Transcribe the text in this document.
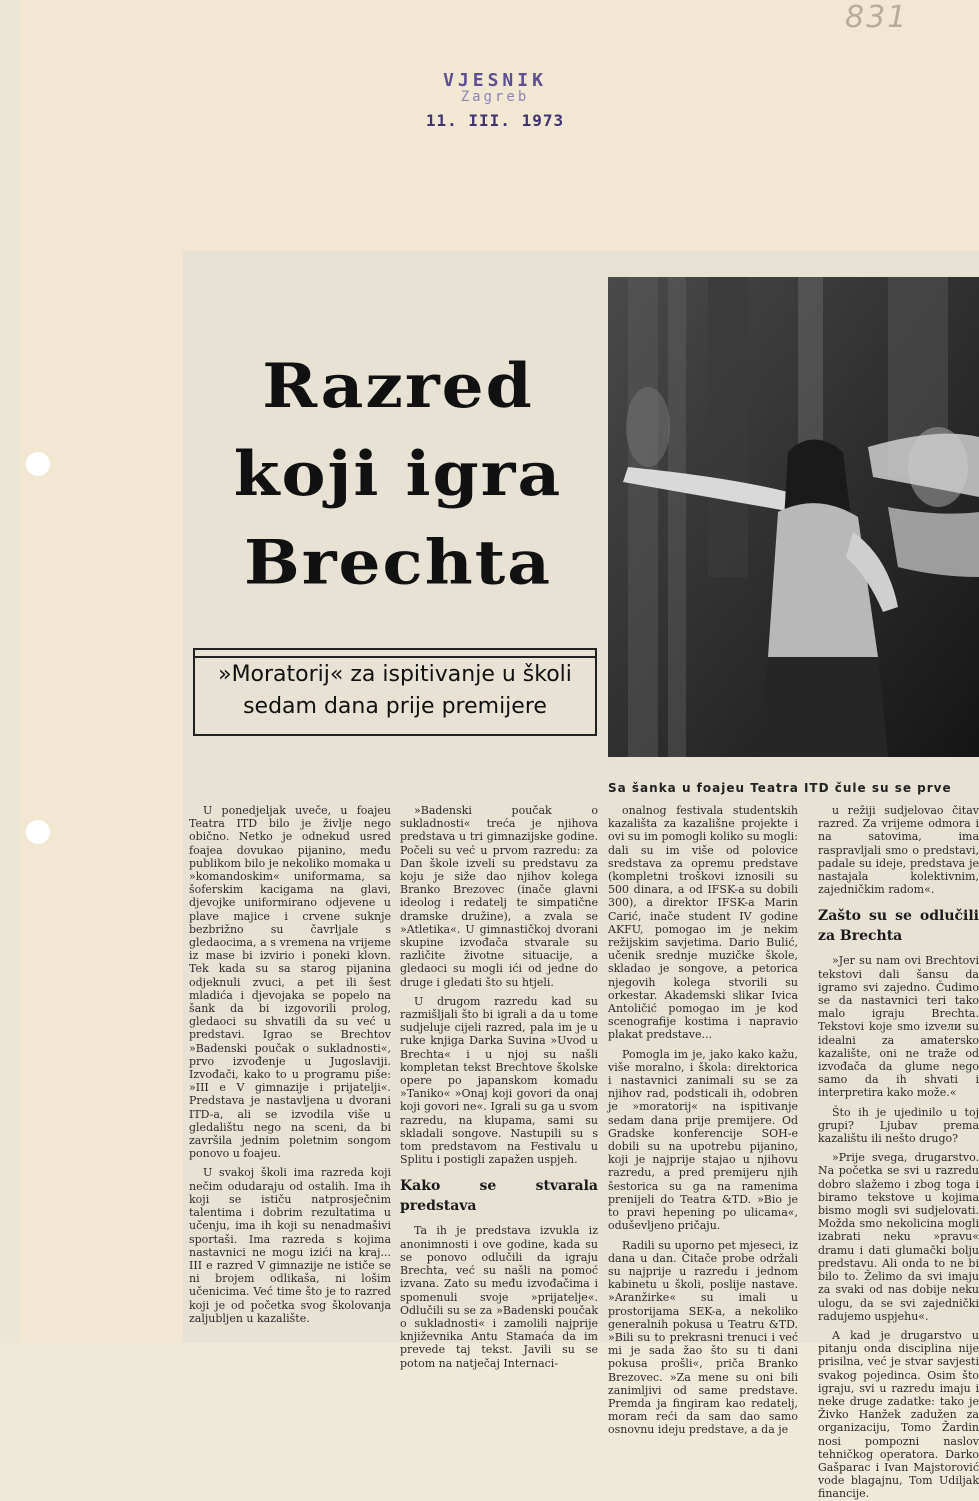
831
VJESNIK
Zagreb
11. III. 1973
Razred
koji igra
Brechta
»Moratorij« za ispitivanje u školi
sedam dana prije premijere
Sa šanka u foajeu Teatra ITD čule su se prve

U ponedjeljak uveče, u foajeu Teatra ITD bilo je življe nego obično. Netko je odnekud usred foajea dovukao pijanino, među publikom bilo je nekoliko momaka u »komandoskim« uniformama, sa šoferskim kacigama na glavi, djevojke uniformirano odjevene u plave majice i crvene suknje bezbrižno su čavrljale s gledaocima, a s vremena na vrijeme iz mase bi izvirio i poneki klovn. Tek kada su sa starog pijanina odjeknuli zvuci, a pet ili šest mladića i djevojaka se popelo na šank da bi izgovorili prolog, gledaoci su shvatili da su već u predstavi. Igrao se Brechtov »Badenski poučak o sukladnosti«, prvo izvođenje u Jugoslaviji. Izvođači, kako to u programu piše: »III e V gimnazije i prijatelji«. Predstava je nastavljena u dvorani ITD-a, ali se izvodila više u gledalištu nego na sceni, da bi završila jednim poletnim songom ponovo u foajeu.

U svakoj školi ima razreda koji nečim odudaraju od ostalih. Ima ih koji se ističu natprosječnim talentima i dobrim rezultatima u učenju, ima ih koji su nenadmašivi sportaši. Ima razreda s kojima nastavnici ne mogu izići na kraj... III e razred V gimnazije ne ističe se ni brojem odlikaša, ni lošim učenicima. Već time što je to razred koji je od početka svog školovanja zaljubljen u kazalište.

»Badenski poučak o sukladnosti« treća je njihova predstava u tri gimnazijske godine. Počeli su već u prvom razredu: za Dan škole izveli su predstavu za koju je siže dao njihov kolega Branko Brezovec (inače glavni ideolog i redatelj te simpatične dramske družine), a zvala se »Atletika«. U gimnastičkoj dvorani skupine izvođača stvarale su različite životne situacije, a gledaoci su mogli ići od jedne do druge i gledati što su htjeli.

U drugom razredu kad su razmišljali što bi igrali a da u tome sudjeluje cijeli razred, pala im je u ruke knjiga Darka Suvina »Uvod u Brechta« i u njoj su našli kompletan tekst Brechtove školske opere po japanskom komadu »Taniko« »Onaj koji govori da onaj koji govori ne«. Igrali su ga u svom razredu, na klupama, sami su skladali songove. Nastupili su s tom predstavom na Festivalu u Splitu i postigli zapažen uspjeh.

Kako se stvarala predstava

Ta ih je predstava izvukla iz anonimnosti i ove godine, kada su se ponovo odlučili da igraju Brechta, već su našli na pomoć izvana. Zato su među izvođačima i spomenuli svoje »prijatelje«. Odlučili su se za »Badenski poučak o sukladnosti« i zamolili najprije književnika Antu Stamaća da im prevede taj tekst. Javili su se potom na natječaj Internaci-

onalnog festivala studentskih kazališta za kazališne projekte i ovi su im pomogli koliko su mogli: dali su im više od polovice sredstava za opremu predstave (kompletni troškovi iznosili su 500 dinara, a od IFSK-a su dobili 300), a direktor IFSK-a Marin Carić, inače student IV godine AKFU, pomogao im je nekim režijskim savjetima. Dario Bulić, učenik srednje muzičke škole, skladao je songove, a petorica njegovih kolega stvorili su orkestar. Akademski slikar Ivica Antoličić pomogao im je kod scenografije kostima i napravio plakat predstave...

Pomogla im je, jako kako kažu, više moralno, i škola: direktorica i nastavnici zanimali su se za njihov rad, podsticali ih, odobren je »moratorij« na ispitivanje sedam dana prije premijere. Od Gradske konferencije SOH-e dobili su na upotrebu pijanino, koji je najprije stajao u njihovu razredu, a pred premijeru njih šestorica su ga na ramenima prenijeli do Teatra &TD. »Bio je to pravi hepening po ulicama«, oduševljeno pričaju.

Radili su uporno pet mjeseci, iz dana u dan. Čitače probe održali su najprije u razredu i jednom kabinetu u školi, poslije nastave. »Aranžirke« su imali u prostorijama SEK-a, a nekoliko generalnih pokusa u Teatru &TD. »Bili su to prekrasni trenuci i već mi je sada žao što su ti dani pokusa prošli«, priča Branko Brezovec. »Za mene su oni bili zanimljivi od same predstave. Premda ja fingiram kao redatelj, moram reći da sam dao samo osnovnu ideju predstave, a da je

u režiji sudjelovao čitav razred. Za vrijeme odmora i na satovima, ima raspravljali smo o predstavi, padale su ideje, predstava je nastajala kolektivnim, zajedničkim radom«.

Zašto su se odlučili za Brechta

»Jer su nam ovi Brechtovi tekstovi dali šansu da igramo svi zajedno. Čudimo se da nastavnici teri tako malo igraju Brechta. Tekstovi koje smo izvели su idealni za amatersko kazalište, oni ne traže od izvođača da glume nego samo da ih shvati i interpretira kako može.«

Što ih je ujedinilo u toj grupi? Ljubav prema kazalištu ili nešto drugo?

»Prije svega, drugarstvo. Na početka se svi u razredu dobro slažemo i zbog toga i biramo tekstove u kojima bismo mogli svi sudjelovati. Možda smo nekolicina mogli izabrati neku »pravu« dramu i dati glumački bolju predstavu. Ali onda to ne bi bilo to. Želimo da svi imaju za svaki od nas dobije neku ulogu, da se svi zajednički radujemo uspjehu«.

A kad je drugarstvo u pitanju onda disciplina nije prisilna, već je stvar savjesti svakog pojedinca. Osim što igraju, svi u razredu imaju i neke druge zadatke: tako je Živko Hanžek zadužen za organizaciju, Tomo Žardin nosi pompozni naslov tehničkog operatora. Darko Gašparac i Ivan Majstorović vode blagajnu, Tom Udiljak financije.
